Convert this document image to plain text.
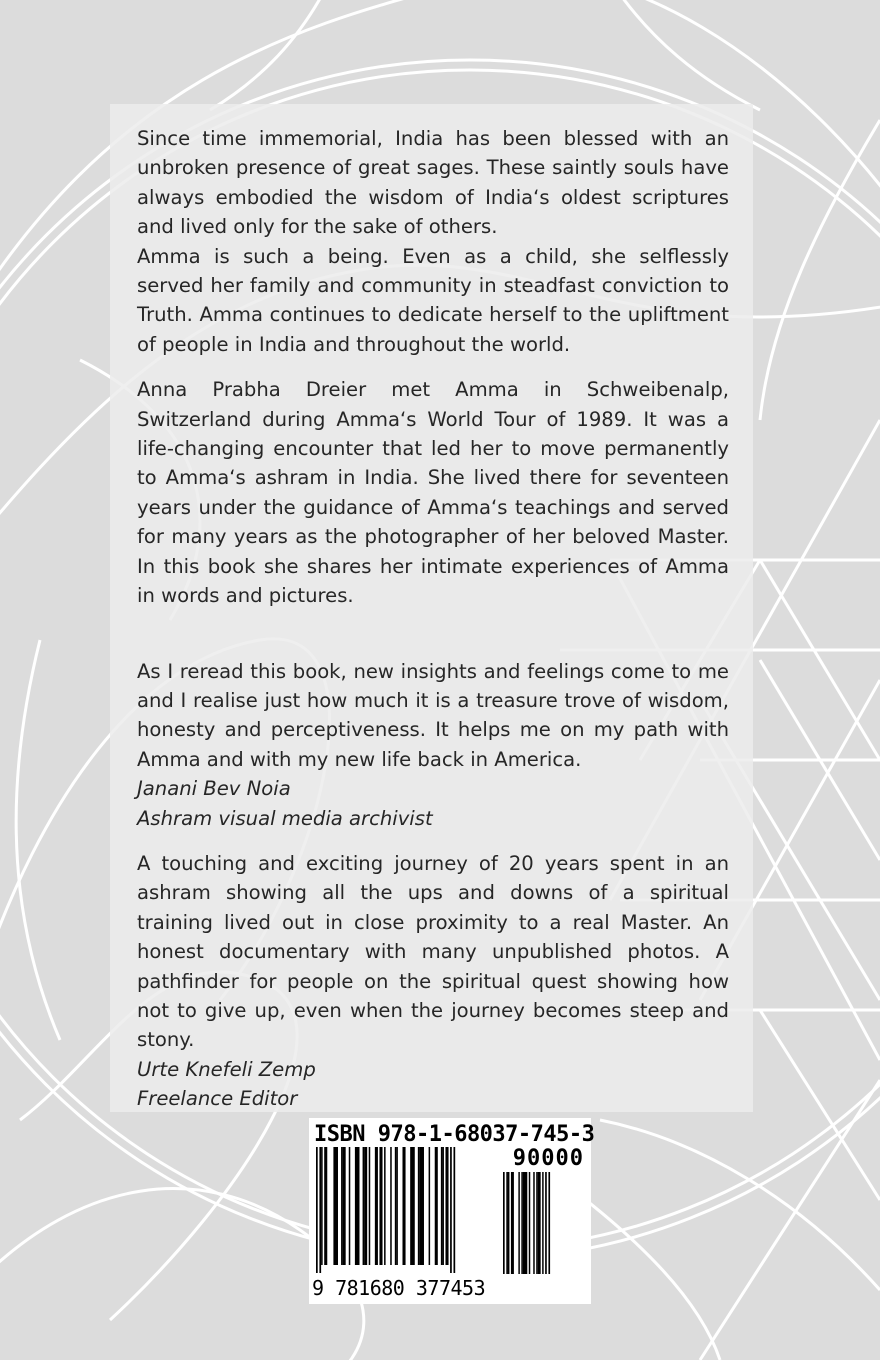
Since time immemorial, India has been blessed with an unbroken presence of great sages. These saintly souls have always embodied the wisdom of India‘s oldest scriptures and lived only for the sake of others.

Amma is such a being. Even as a child, she selflessly served her family and community in steadfast conviction to Truth. Amma continues to dedicate herself to the upliftment of people in India and throughout the world.

Anna Prabha Dreier met Amma in Schweibenalp, Switzerland during Amma‘s World Tour of 1989. It was a life-changing encounter that led her to move permanently to Amma‘s ashram in India. She lived there for seventeen years under the guidance of Amma‘s teachings and served for many years as the photographer of her beloved Master. In this book she shares her intimate experiences of Amma in words and pictures.

As I reread this book, new insights and feelings come to me and I realise just how much it is a treasure trove of wisdom, honesty and perceptiveness. It helps me on my path with Amma and with my new life back in America.

Janani Bev Noia

Ashram visual media archivist

A touching and exciting journey of 20 years spent in an ashram showing all the ups and downs of a spiritual training lived out in close proximity to a real Master. An honest documentary with many unpublished photos. A pathfinder for people on the spiritual quest showing how not to give up, even when the journey becomes steep and stony.

Urte Knefeli Zemp

Freelance Editor

ISBN 978-1-68037-745-3
90000
9 781680 377453
